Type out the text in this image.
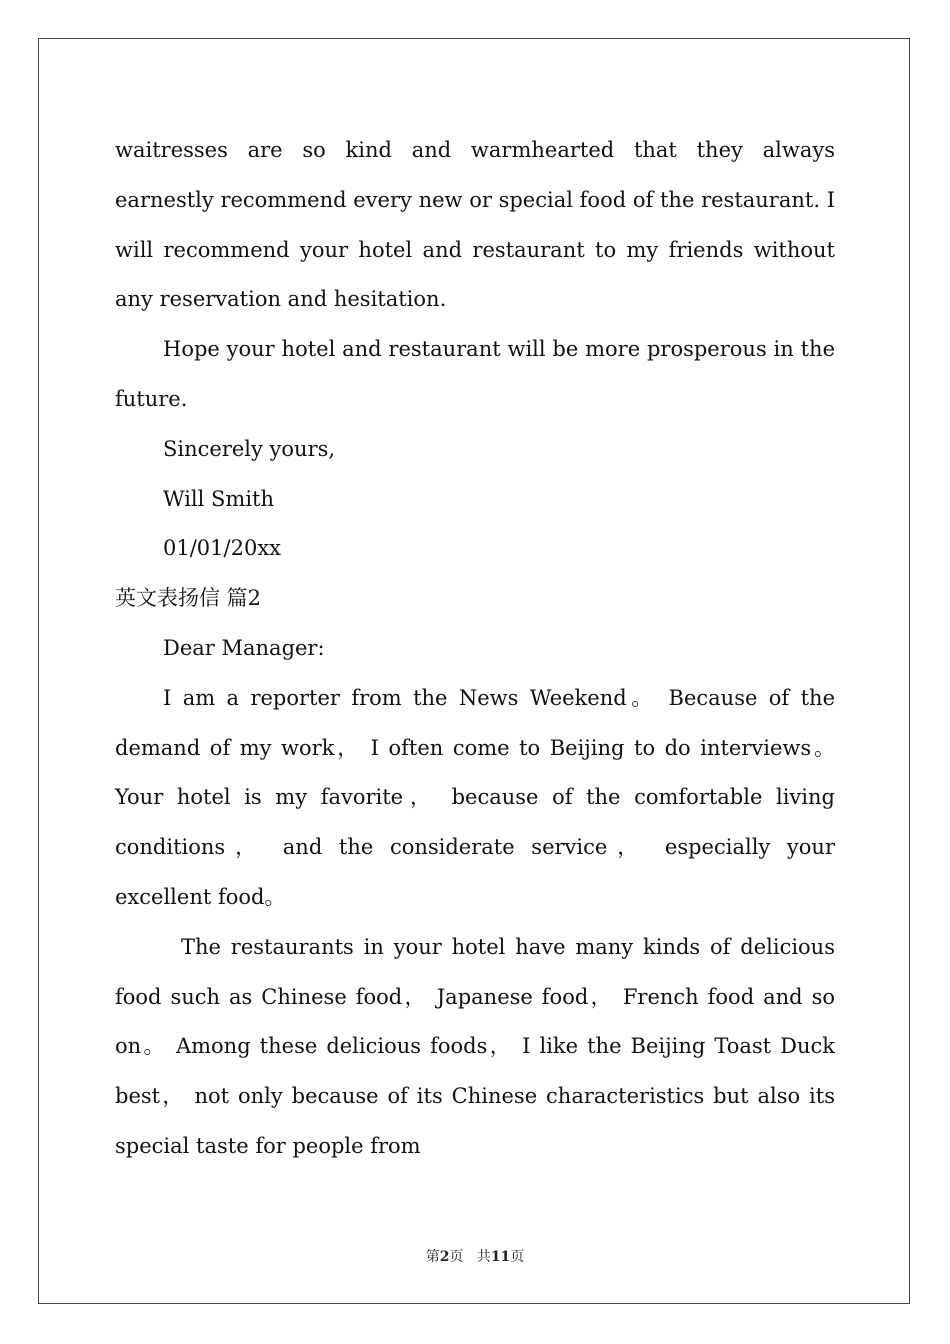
waitresses are so kind and warmhearted that they always earnestly recommend every new or special food of the restaurant. I will recommend your hotel and restaurant to my friends without any reservation and hesitation.

Hope your hotel and restaurant will be more prosperous in the future.

Sincerely yours,

Will Smith

01/01/20xx

英文表扬信 篇2

Dear Manager:

I am a reporter from the News Weekend。 Because of the demand of my work， I often come to Beijing to do interviews。 Your hotel is my favorite， because of the comfortable living conditions， and the considerate service， especially your excellent food。

The restaurants in your hotel have many kinds of delicious food such as Chinese food， Japanese food， French food and so on。 Among these delicious foods， I like the Beijing Toast Duck best， not only because of its Chinese characteristics but also its special taste for people from

第2页 共11页
